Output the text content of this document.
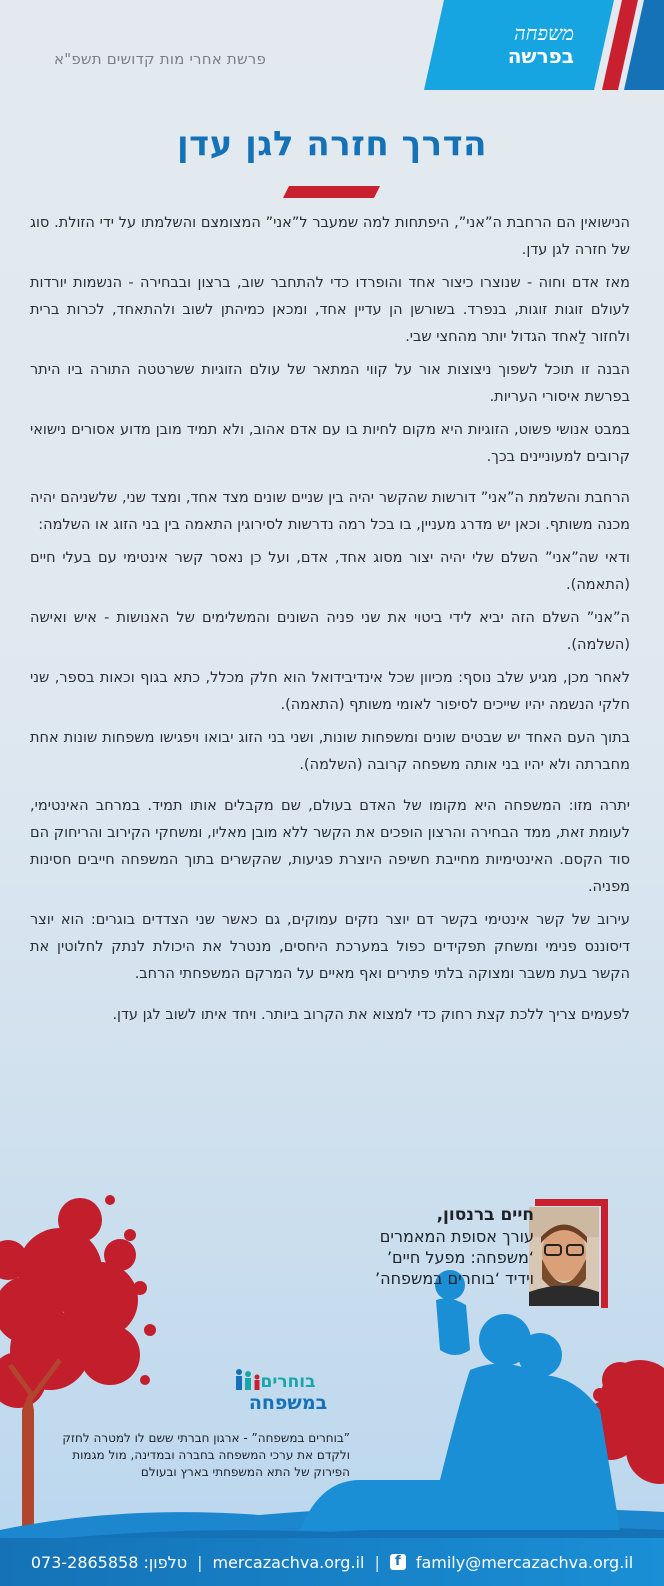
משפחה
בפרשה
פרשת אחרי מות קדושים תשפ"א
הדרך חזרה לגן עדן

הנישואין הם הרחבת ה”אני”, היפתחות למה שמעבר ל”אני” המצומצם והשלמתו על ידי הזולת. סוג של חזרה לגן עדן.

מאז אדם וחוה - שנוצרו כיצור אחד והופרדו כדי להתחבר שוב, ברצון ובבחירה - הנשמות יורדות לעולם זוגות זוגות, בנפרד. בשורשן הן עדיין אחד, ומכאן כמיהתן לשוב ולהתאחד, לכרות ברית ולחזור לַאחד הגדול יותר מהחצי שבי.

הבנה זו תוכל לשפוך ניצוצות אור על קווי המתאר של עולם הזוגיות ששרטטה התורה ביו היתר בפרשת איסורי העריות.

במבט אנושי פשוט, הזוגיות היא מקום לחיות בו עם אדם אהוב, ולא תמיד מובן מדוע אסורים נישואי קרובים למעוניינים בכך.

הרחבת והשלמת ה”אני” דורשות שהקשר יהיה בין שניים שונים מצד אחד, ומצד שני, שלשניהם יהיה מכנה משותף. וכאן יש מדרג מעניין, בו בכל רמה נדרשות לסירוגין התאמה בין בני הזוג או השלמה:

ודאי שה”אני” השלם שלי יהיה יצור מסוג אחד, אדם, ועל כן נאסר קשר אינטימי עם בעלי חיים (התאמה).

ה”אני” השלם הזה יביא לידי ביטוי את שני פניה השונים והמשלימים של האנושות - איש ואישה (השלמה).

לאחר מכן, מגיע שלב נוסף: מכיוון שכל אינדיבידואל הוא חלק מכלל, כתא בגוף וכאות בספר, שני חלקי הנשמה יהיו שייכים לסיפור לאומי משותף (התאמה).

בתוך העם האחד יש שבטים שונים ומשפחות שונות, ושני בני הזוג יבואו ויפגישו משפחות שונות אחת מחברתה ולא יהיו בני אותה משפחה קרובה (השלמה).

יתרה מזו: המשפחה היא מקומו של האדם בעולם, שם מקבלים אותו תמיד. במרחב האינטימי, לעומת זאת, ממד הבחירה והרצון הופכים את הקשר ללא מובן מאליו, ומשחקי הקירוב והריחוק הם סוד הקסם. האינטימיות מחייבת חשיפה היוצרת פגיעות, שהקשרים בתוך המשפחה חייבים חסינות מפניה.

עירוב של קשר אינטימי בקשר דם יוצר נזקים עמוקים, גם כאשר שני הצדדים בוגרים: הוא יוצר דיסוננס פנימי ומשחק תפקידים כפול במערכת היחסים, מנטרל את היכולת לנתק לחלוטין את הקשר בעת משבר ומצוקה בלתי פתירים ואף מאיים על המרקם המשפחתי הרחב.

לפעמים צריך ללכת קצת רחוק כדי למצוא את הקרוב ביותר. ויחד איתו לשוב לגן עדן.

חיים ברנסון,
עורך אסופת המאמרים
‘משפחה: מפעל חיים’
וידיד ‘בוחרים במשפחה’
בוחרים
במשפחה
”בוחרים במשפחה” - ארגון חברתי ששם לו למטרה לחזק ולקדם את ערכי המשפחה בחברה ובמדינה, מול מגמות הפירוק של התא המשפחתי בארץ ובעולם
family@mercazachva.org.il
f
|
mercazachva.org.il
|
טלפון: 073-2865858
